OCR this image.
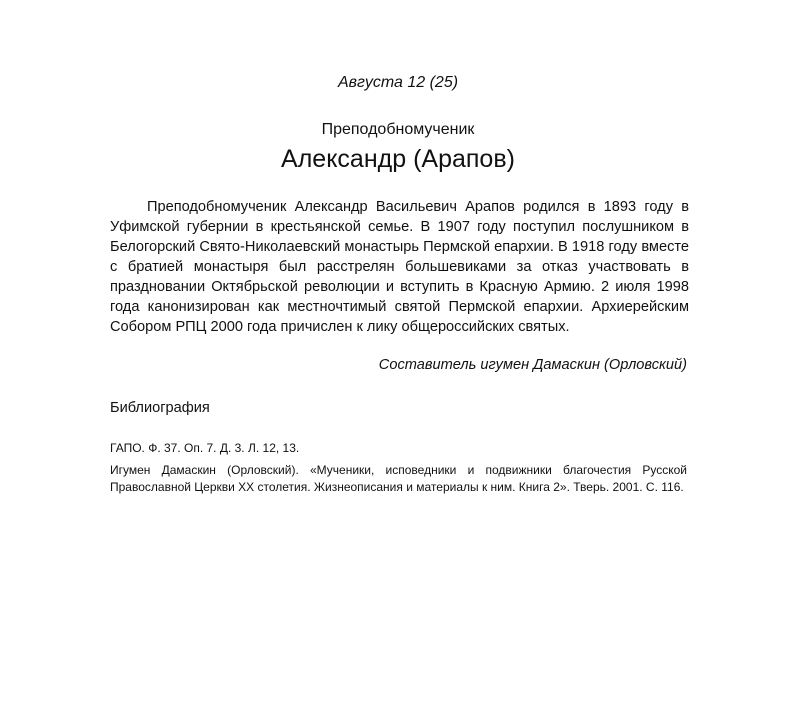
Августа 12 (25)
Преподобномученик
Александр (Арапов)

Преподобномученик Александр Васильевич Арапов родился в 1893 году в Уфимской губернии в крестьянской семье. В 1907 году поступил послушником в Белогорский Свято-Николаевский монастырь Пермской епархии. В 1918 году вместе с братией монастыря был расстрелян большевиками за отказ участвовать в праздновании Октябрьской революции и вступить в Красную Армию. 2 июля 1998 года канонизирован как местночтимый святой Пермской епархии. Архиерейским Собором РПЦ 2000 года причислен к лику общероссийских святых.

Составитель игумен Дамаскин (Орловский)
Библиография
ГАПО. Ф. 37. Оп. 7. Д. 3. Л. 12, 13.
Игумен Дамаскин (Орловский). «Мученики, исповедники и подвижники благочестия Русской Православной Церкви XX столетия. Жизнеописания и материалы к ним. Книга 2». Тверь. 2001. С. 116.
